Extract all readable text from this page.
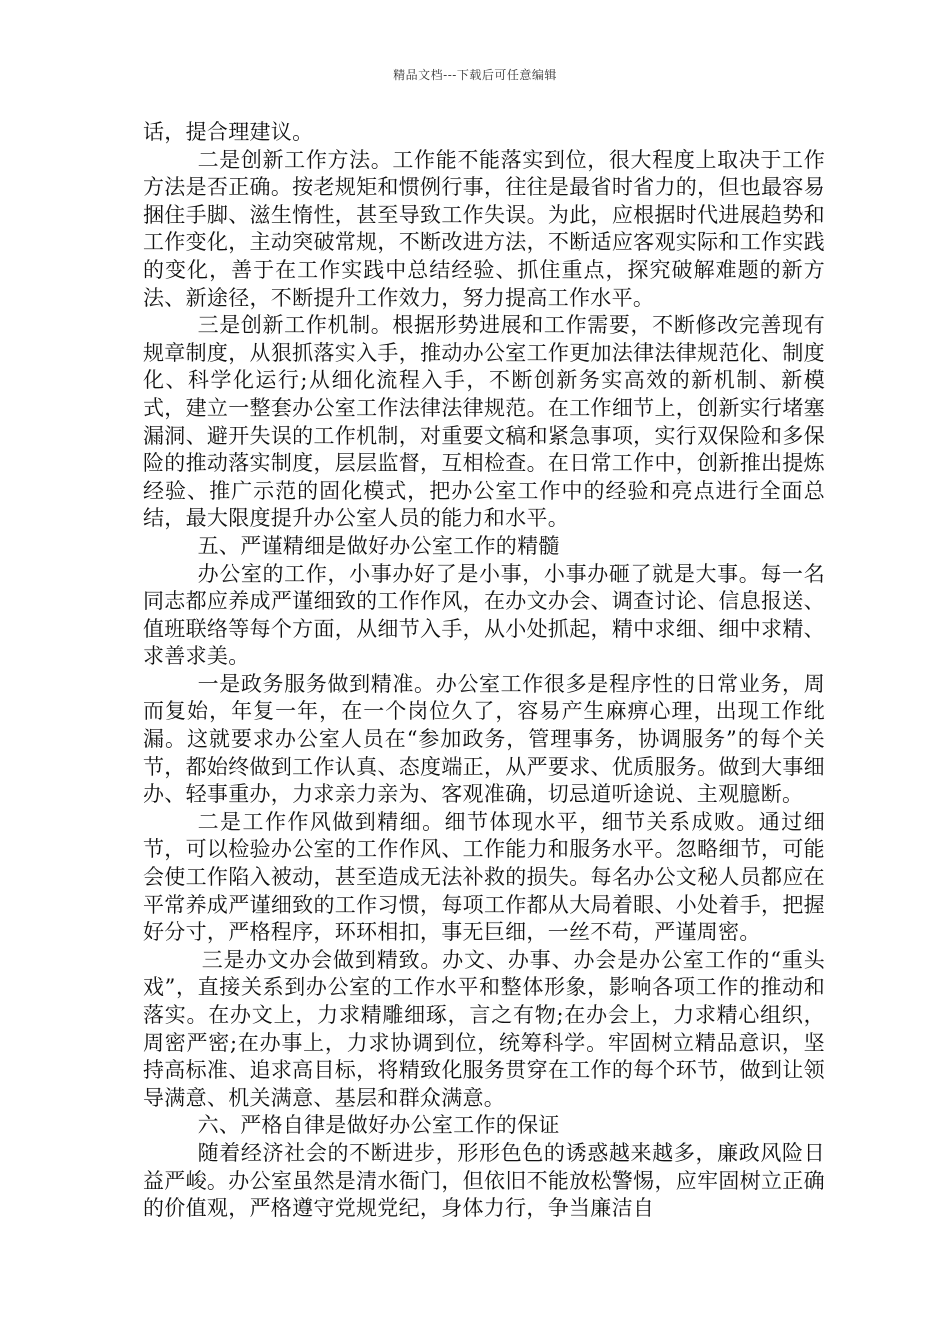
精品文档---下载后可任意编辑

话，提合理建议。

二是创新工作方法。工作能不能落实到位，很大程度上取决于工作方法是否正确。按老规矩和惯例行事，往往是最省时省力的，但也最容易捆住手脚、滋生惰性，甚至导致工作失误。为此，应根据时代进展趋势和工作变化，主动突破常规，不断改进方法，不断适应客观实际和工作实践的变化，善于在工作实践中总结经验、抓住重点，探究破解难题的新方法、新途径，不断提升工作效力，努力提高工作水平。

三是创新工作机制。根据形势进展和工作需要，不断修改完善现有规章制度，从狠抓落实入手，推动办公室工作更加法律法律规范化、制度化、科学化运行;从细化流程入手，不断创新务实高效的新机制、新模式，建立一整套办公室工作法律法律规范。在工作细节上，创新实行堵塞漏洞、避开失误的工作机制，对重要文稿和紧急事项，实行双保险和多保险的推动落实制度，层层监督，互相检查。在日常工作中，创新推出提炼经验、推广示范的固化模式，把办公室工作中的经验和亮点进行全面总结，最大限度提升办公室人员的能力和水平。

五、严谨精细是做好办公室工作的精髓

办公室的工作，小事办好了是小事，小事办砸了就是大事。每一名同志都应养成严谨细致的工作作风，在办文办会、调查讨论、信息报送、值班联络等每个方面，从细节入手，从小处抓起，精中求细、细中求精、求善求美。

一是政务服务做到精准。办公室工作很多是程序性的日常业务，周而复始，年复一年，在一个岗位久了，容易产生麻痹心理，出现工作纰漏。这就要求办公室人员在“参加政务，管理事务，协调服务”的每个关节，都始终做到工作认真、态度端正，从严要求、优质服务。做到大事细办、轻事重办，力求亲力亲为、客观准确，切忌道听途说、主观臆断。

二是工作作风做到精细。细节体现水平，细节关系成败。通过细节，可以检验办公室的工作作风、工作能力和服务水平。忽略细节，可能会使工作陷入被动，甚至造成无法补救的损失。每名办公文秘人员都应在平常养成严谨细致的工作习惯，每项工作都从大局着眼、小处着手，把握好分寸，严格程序，环环相扣，事无巨细，一丝不苟，严谨周密。

三是办文办会做到精致。办文、办事、办会是办公室工作的“重头戏”，直接关系到办公室的工作水平和整体形象，影响各项工作的推动和落实。在办文上，力求精雕细琢，言之有物;在办会上，力求精心组织，周密严密;在办事上，力求协调到位，统筹科学。牢固树立精品意识，坚持高标准、追求高目标，将精致化服务贯穿在工作的每个环节，做到让领导满意、机关满意、基层和群众满意。

六、严格自律是做好办公室工作的保证

随着经济社会的不断进步，形形色色的诱惑越来越多，廉政风险日益严峻。办公室虽然是清水衙门，但依旧不能放松警惕，应牢固树立正确的价值观，严格遵守党规党纪，身体力行，争当廉洁自
